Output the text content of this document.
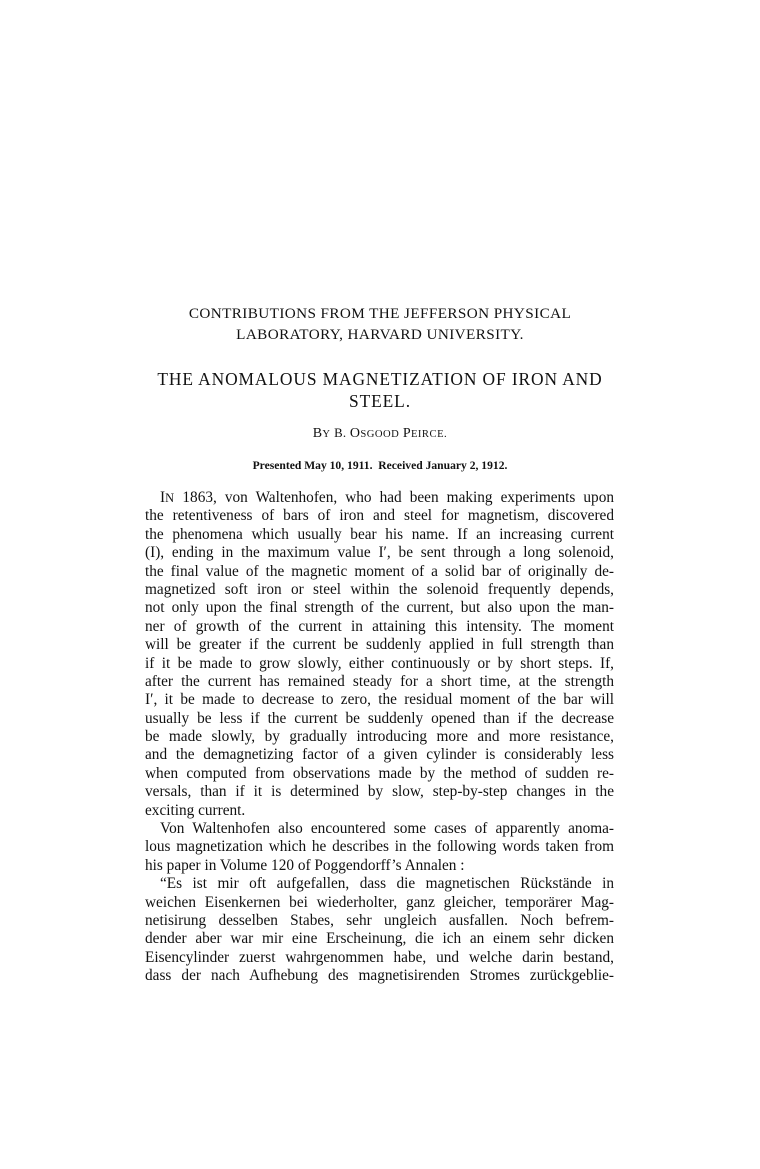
CONTRIBUTIONS FROM THE JEFFERSON PHYSICAL
LABORATORY, HARVARD UNIVERSITY.
THE ANOMALOUS MAGNETIZATION OF IRON AND
STEEL.
BY B. OSGOOD PEIRCE.
Presented May 10, 1911.  Received January 2, 1912.
IN 1863, von Waltenhofen, who had been making experiments upon
the retentiveness of bars of iron and steel for magnetism, discovered
the phenomena which usually bear his name. If an increasing current
(I), ending in the maximum value I′, be sent through a long solenoid,
the final value of the magnetic moment of a solid bar of originally de-
magnetized soft iron or steel within the solenoid frequently depends,
not only upon the final strength of the current, but also upon the man-
ner of growth of the current in attaining this intensity. The moment
will be greater if the current be suddenly applied in full strength than
if it be made to grow slowly, either continuously or by short steps. If,
after the current has remained steady for a short time, at the strength
I′, it be made to decrease to zero, the residual moment of the bar will
usually be less if the current be suddenly opened than if the decrease
be made slowly, by gradually introducing more and more resistance,
and the demagnetizing factor of a given cylinder is considerably less
when computed from observations made by the method of sudden re-
versals, than if it is determined by slow, step-by-step changes in the
exciting current.
Von Waltenhofen also encountered some cases of apparently anoma-
lous magnetization which he describes in the following words taken from
his paper in Volume 120 of Poggendorff’s Annalen :
“Es ist mir oft aufgefallen, dass die magnetischen Rückstände in
weichen Eisenkernen bei wiederholter, ganz gleicher, temporärer Mag-
netisirung desselben Stabes, sehr ungleich ausfallen. Noch befrem-
dender aber war mir eine Erscheinung, die ich an einem sehr dicken
Eisencylinder zuerst wahrgenommen habe, und welche darin bestand,
dass der nach Aufhebung des magnetisirenden Stromes zurückgeblie-
